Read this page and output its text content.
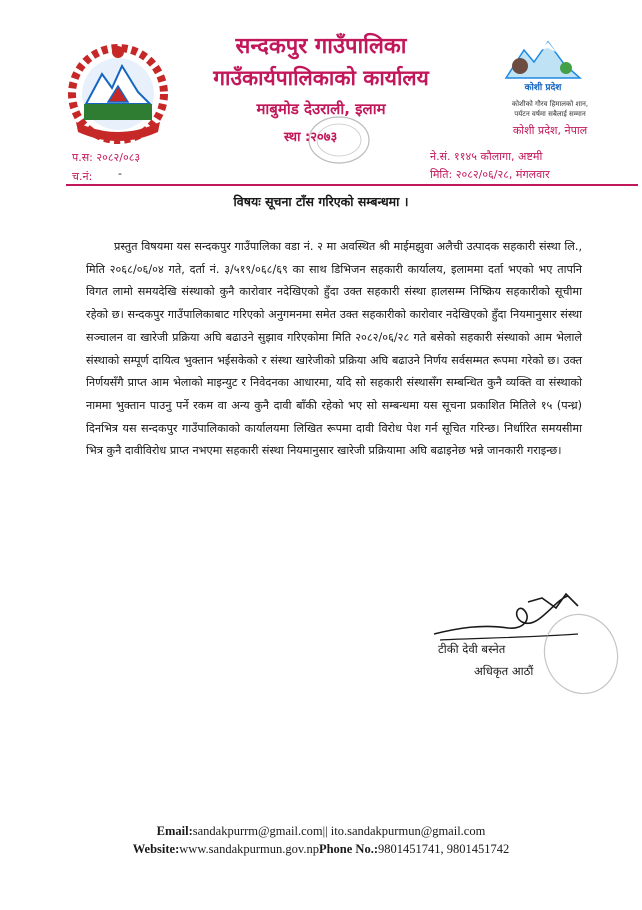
कोशी प्रदेश
सन्दकपुर गाउँपालिका
गाउँकार्यपालिकाको कार्यालय
माबुमोड देउराली, इलाम
स्था :२०७३
कोशीको गौरव हिमालको शान,
पर्यटन वर्षमा सबैलाई सम्मान
कोशी प्रदेश, नेपाल
प.स: २०८२/०८३
च.नं: -
ने.सं. ११४५ कौलागा, अष्टमी
मिति: २०८२/०६/२८, मंगलवार
विषयः सूचना टाँस गरिएको सम्बन्धमा ।

प्रस्तुत विषयमा यस सन्दकपुर गाउँपालिका वडा नं. २ मा अवस्थित श्री माईमझुवा अलैची उत्पादक सहकारी संस्था लि., मिति २०६८/०६/०४ गते, दर्ता नं. ३/५१९/०६८/६९ का साथ डिभिजन सहकारी कार्यालय, इलाममा दर्ता भएको भए तापनि विगत लामो समयदेखि संस्थाको कुनै कारोवार नदेखिएको हुँदा उक्त सहकारी संस्था हालसम्म निष्क्रिय सहकारीको सूचीमा रहेको छ। सन्दकपुर गाउँपालिकाबाट गरिएको अनुगमनमा समेत उक्त सहकारीको कारोवार नदेखिएको हुँदा नियमानुसार संस्था सञ्चालन वा खारेजी प्रक्रिया अघि बढाउने सुझाव गरिएकोमा मिति २०८२/०६/२८ गते बसेको सहकारी संस्थाको आम भेलाले संस्थाको सम्पूर्ण दायित्व भुक्तान भईसकेको र संस्था खारेजीको प्रक्रिया अघि बढाउने निर्णय सर्वसम्मत रूपमा गरेको छ। उक्त निर्णयसँगै प्राप्त आम भेलाको माइन्युट र निवेदनका आधारमा, यदि सो सहकारी संस्थासँग सम्बन्धित कुनै व्यक्ति वा संस्थाको नाममा भुक्तान पाउनु पर्ने रकम वा अन्य कुनै दावी बाँकी रहेको भए सो सम्बन्धमा यस सूचना प्रकाशित मितिले १५ (पन्ध्र) दिनभित्र यस सन्दकपुर गाउँपालिकाको कार्यालयमा लिखित रूपमा दावी विरोध पेश गर्न सूचित गरिन्छ। निर्धारित समयसीमा भित्र कुनै दावीविरोध प्राप्त नभएमा सहकारी संस्था नियमानुसार खारेजी प्रक्रियामा अघि बढाइनेछ भन्ने जानकारी गराइन्छ।

टीकी देवी बस्नेत
अधिकृत आठौं
Email:sandakpurrm@gmail.com|| ito.sandakpurmun@gmail.com
Website:www.sandakpurmun.gov.npPhone No.:9801451741, 9801451742
